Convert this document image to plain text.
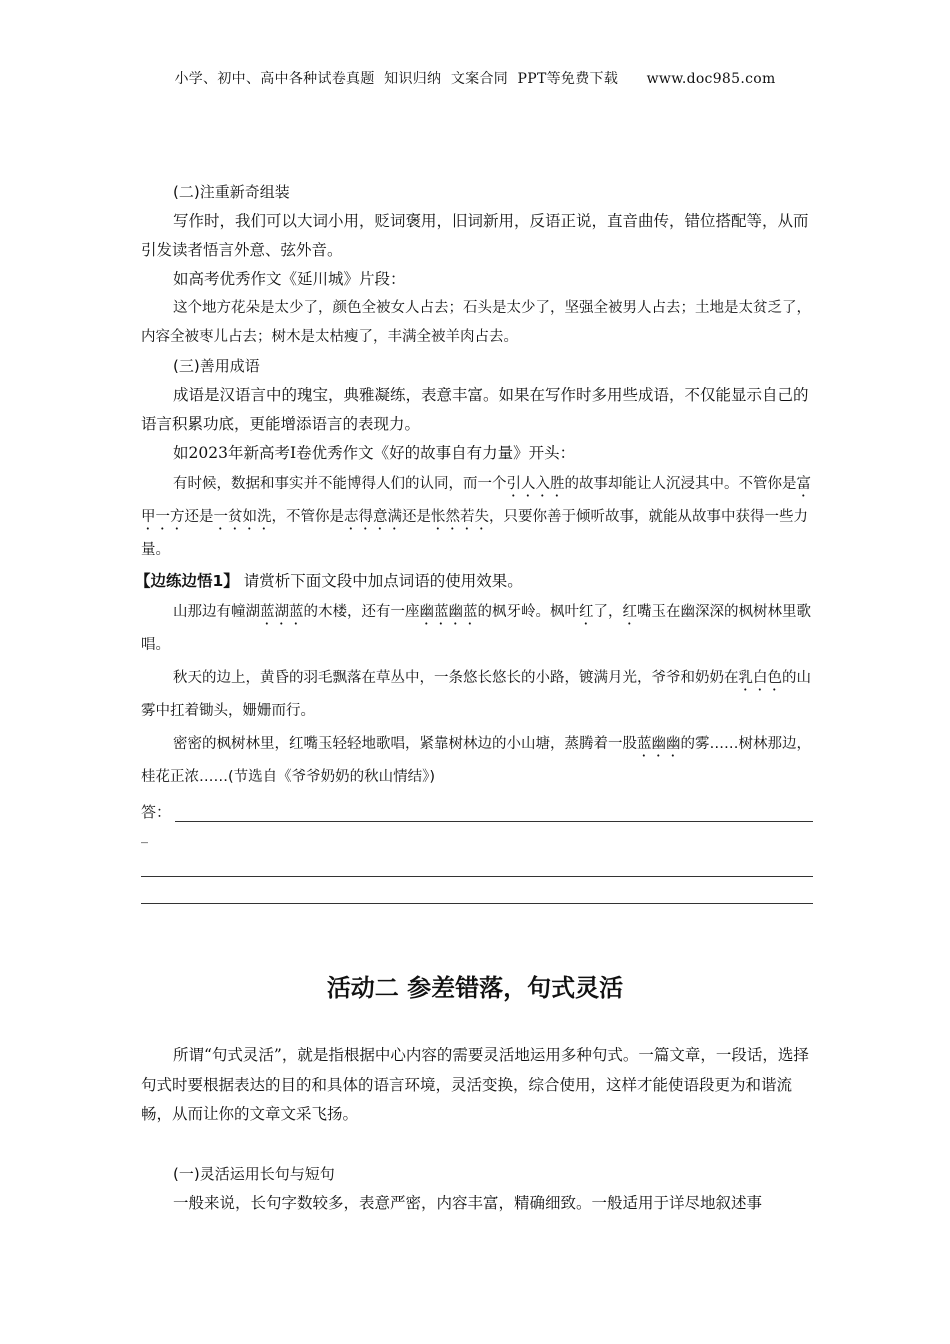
小学、初中、高中各种试卷真题  知识归纳  文案合同  PPT等免费下载      www.doc985.com

(二)注重新奇组装

写作时，我们可以大词小用，贬词褒用，旧词新用，反语正说，直音曲传，错位搭配等，从而引发读者悟言外意、弦外音。

如高考优秀作文《延川城》片段：

这个地方花朵是太少了，颜色全被女人占去；石头是太少了，坚强全被男人占去；土地是太贫乏了，内容全被枣儿占去；树木是太枯瘦了，丰满全被羊肉占去。

(三)善用成语

成语是汉语言中的瑰宝，典雅凝练，表意丰富。如果在写作时多用些成语，不仅能显示自己的语言积累功底，更能增添语言的表现力。

如2023年新高考Ⅰ卷优秀作文《好的故事自有力量》开头：

有时候，数据和事实并不能博得人们的认同，而一个引人入胜的故事却能让人沉浸其中。不管你是富甲一方还是一贫如洗，不管你是志得意满还是怅然若失，只要你善于倾听故事，就能从故事中获得一些力量。

【边练边悟1】 请赏析下面文段中加点词语的使用效果。

山那边有幢湖蓝湖蓝的木楼，还有一座幽蓝幽蓝的枫牙岭。枫叶红了，红嘴玉在幽深深的枫树林里歌唱。

秋天的边上，黄昏的羽毛飘落在草丛中，一条悠长悠长的小路，镀满月光，爷爷和奶奶在乳白色的山雾中扛着锄头，姗姗而行。

密密的枫树林里，红嘴玉轻轻地歌唱，紧靠树林边的小山塘，蒸腾着一股蓝幽幽的雾……树林那边，桂花正浓……(节选自《爷爷奶奶的秋山情结》)

答：
_
活动二 参差错落，句式灵活

所谓“句式灵活”，就是指根据中心内容的需要灵活地运用多种句式。一篇文章，一段话，选择句式时要根据表达的目的和具体的语言环境，灵活变换，综合使用，这样才能使语段更为和谐流畅，从而让你的文章文采飞扬。

(一)灵活运用长句与短句

一般来说，长句字数较多，表意严密，内容丰富，精确细致。一般适用于详尽地叙述事
